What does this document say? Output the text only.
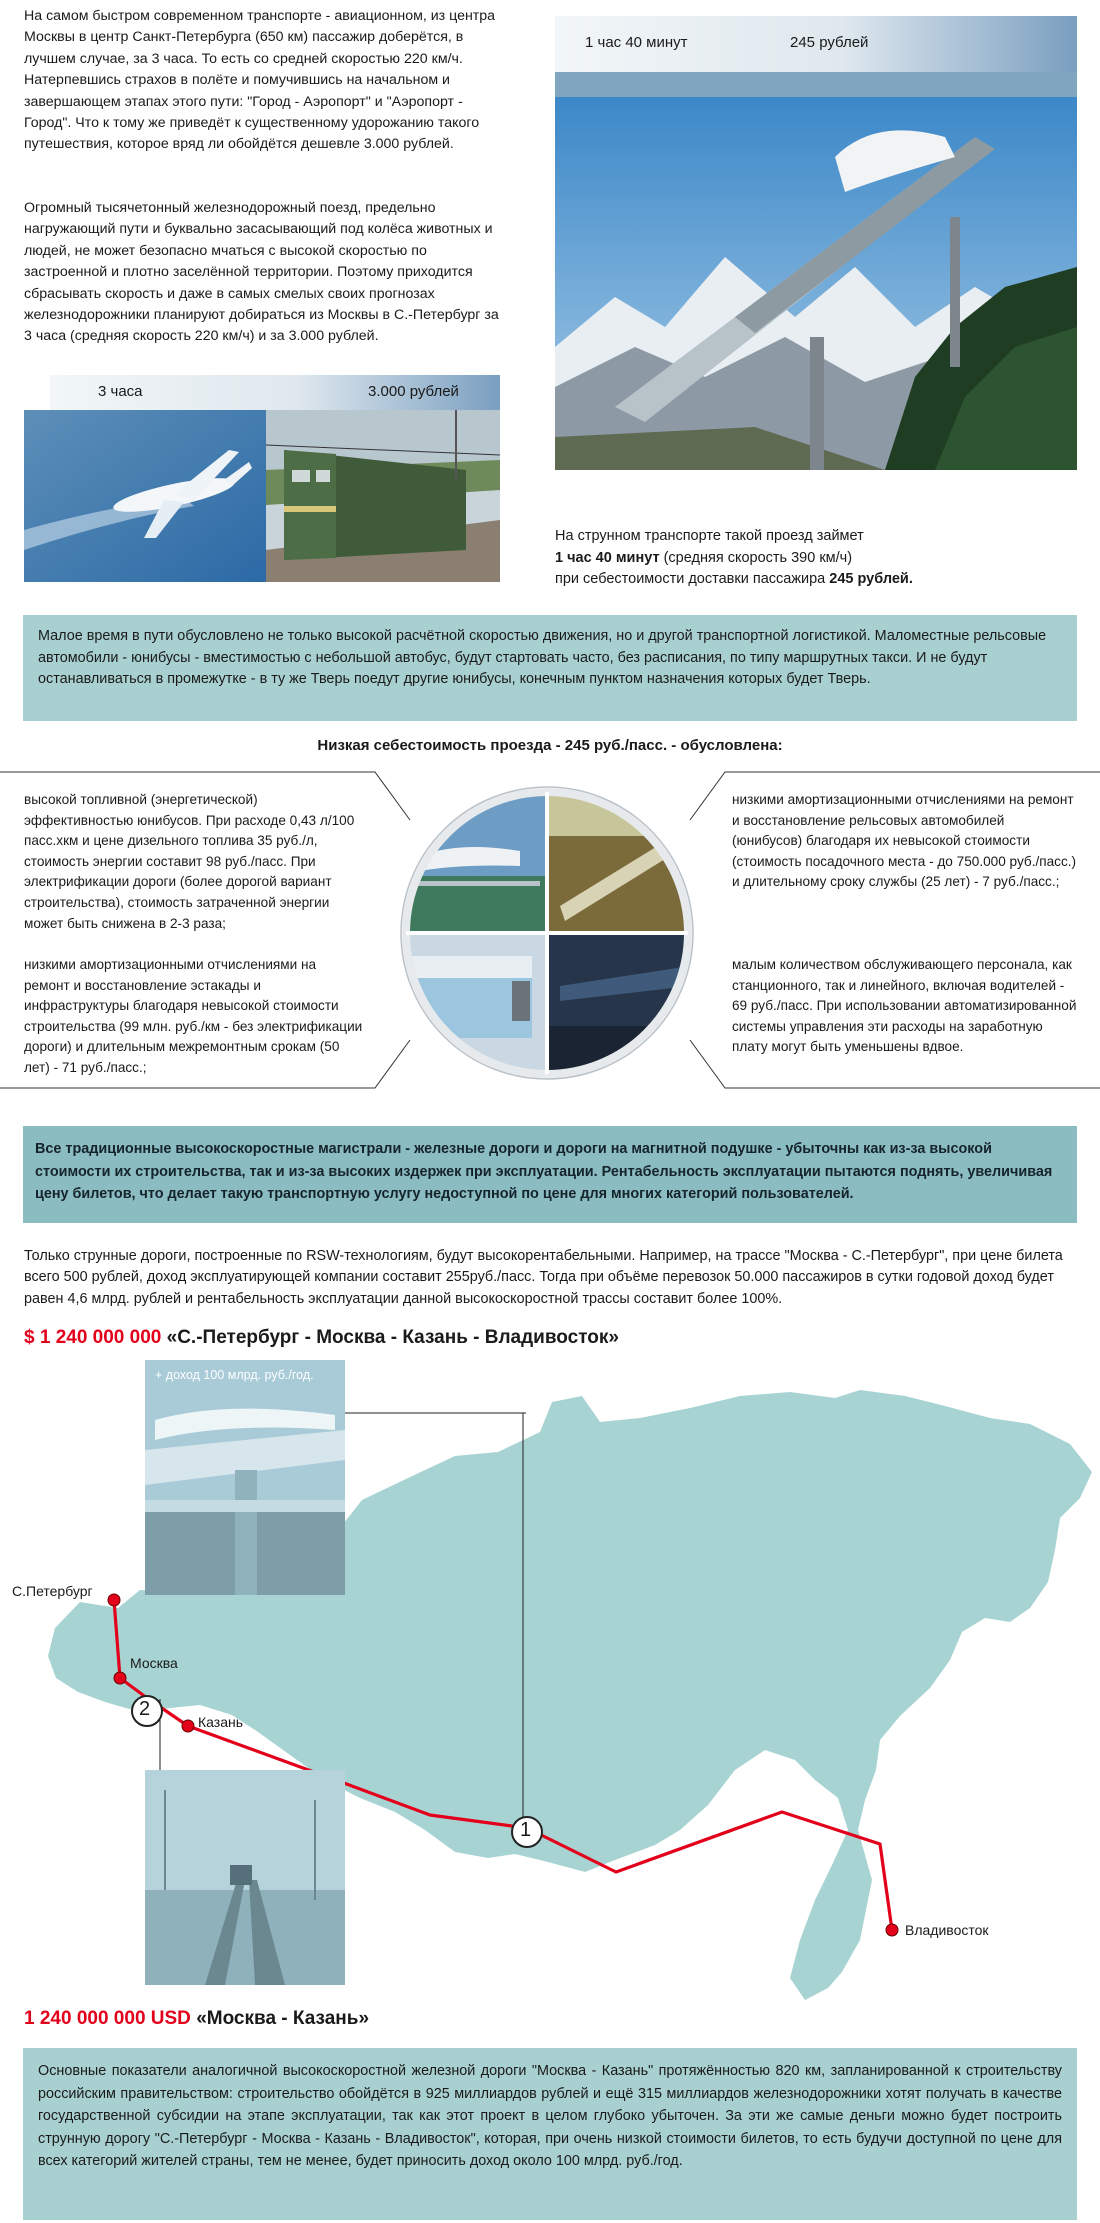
На самом быстром современном транспорте - авиационном, из центра Москвы в центр Санкт-Петербурга (650 км) пассажир доберётся, в лучшем случае, за 3 часа. То есть со средней скоростью 220 км/ч. Натерпевшись страхов в полёте и помучившись на начальном и завершающем этапах этого пути: "Город - Аэропорт" и "Аэропорт - Город". Что к тому же приведёт к существенному удорожанию такого путешествия, которое вряд ли обойдётся дешевле 3.000 рублей.
Огромный тысячетонный железнодорожный поезд, предельно нагружающий пути и буквально засасывающий под колёса животных и людей, не может безопасно мчаться с высокой скоростью по застроенной и плотно заселённой территории. Поэтому приходится сбрасывать скорость и даже в самых смелых своих прогнозах железнодорожники планируют добираться из Москвы в С.-Петербург за 3 часа (средняя скорость 220 км/ч) и за 3.000 рублей.
3 часа	3.000 рублей
1 час 40 минут	245 рублей
На струнном транспорте такой проезд займет
1 час 40 минут (средняя скорость 390 км/ч)
при себестоимости доставки пассажира 245 рублей.
Малое время в пути обусловлено не только высокой расчётной скоростью движения, но и другой транспортной логистикой. Маломестные рельсовые автомобили - юнибусы - вместимостью с небольшой автобус, будут стартовать часто, без расписания, по типу маршрутных такси. И не будут останавливаться в промежутке - в ту же Тверь поедут другие юнибусы, конечным пунктом назначения которых будет Тверь.
Низкая себестоимость проезда - 245 руб./пасс. - обусловлена:
высокой топливной (энергетической) эффективностью юнибусов. При расходе 0,43 л/100 пасс.хкм и цене дизельного топлива 35 руб./л, стоимость энергии составит 98 руб./пасс. При электрификации дороги (более дорогой вариант строительства), стоимость затраченной энергии может быть снижена в 2-3 раза;
низкими амортизационными отчислениями на ремонт и восстановление рельсовых автомобилей (юнибусов) благодаря их невысокой стоимости (стоимость посадочного места - до 750.000 руб./пасс.) и длительному сроку службы (25 лет) - 7 руб./пасс.;
низкими амортизационными отчислениями на ремонт и восстановление эстакады и инфраструктуры благодаря невысокой стоимости строительства (99 млн. руб./км - без электрификации дороги) и длительным межремонтным срокам (50 лет) - 71 руб./пасс.;
малым количеством обслуживающего персонала, как станционного, так и линейного, включая водителей - 69 руб./пасс. При использовании автоматизированной системы управления эти расходы на заработную плату могут быть уменьшены вдвое.
Все традиционные высокоскоростные магистрали - железные дороги и дороги на магнитной подушке - убыточны как из-за высокой стоимости их строительства, так и из-за высоких издержек при эксплуатации. Рентабельность эксплуатации пытаются поднять, увеличивая цену билетов, что делает такую транспортную услугу недоступной по цене для многих категорий пользователей.
Только струнные дороги, построенные по RSW-технологиям, будут высокорентабельными. Например, на трассе "Москва - С.-Петербург", при цене билета всего 500 рублей, доход эксплуатирующей компании составит 255руб./пасс. Тогда при объёме перевозок 50.000 пассажиров в сутки годовой доход будет равен 4,6 млрд. рублей и рентабельность эксплуатации данной высокоскоростной трассы составит более 100%.
$ 1 240 000 000 «С.-Петербург - Москва - Казань - Владивосток»
2
1
С.Петербург
Москва
Казань
Владивосток
+ доход 100 млрд. руб./год.
1 240 000 000 USD «Москва - Казань»
Основные показатели аналогичной высокоскоростной железной дороги "Москва - Казань" протяжённостью 820 км, запланированной к строительству российским правительством: строительство обойдётся в 925 миллиардов рублей и ещё 315 миллиардов железнодорожники хотят получать в качестве государственной субсидии на этапе эксплуатации, так как этот проект в целом глубоко убыточен. За эти же самые деньги можно будет построить струнную дорогу "С.-Петербург - Москва - Казань - Владивосток", которая, при очень низкой стоимости билетов, то есть будучи доступной по цене для всех категорий жителей страны, тем не менее, будет приносить доход около 100 млрд. руб./год.
